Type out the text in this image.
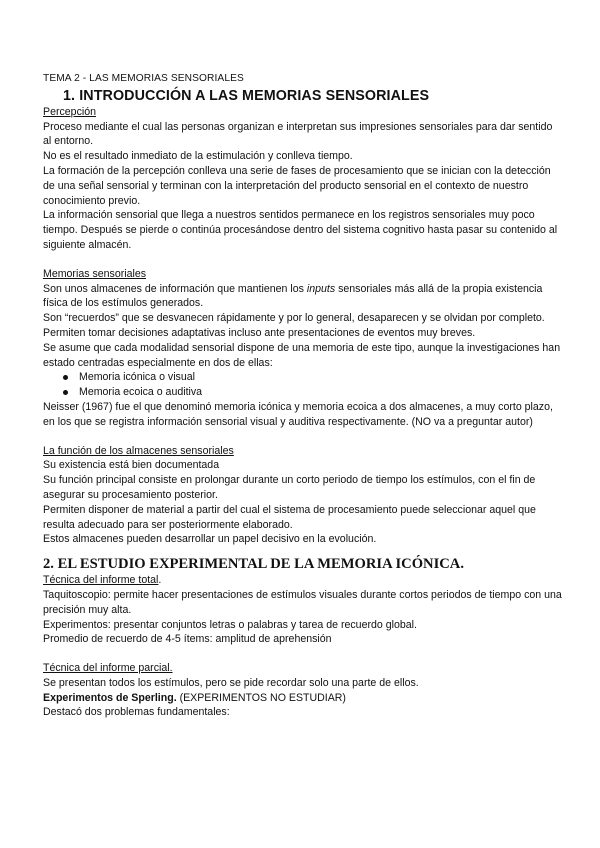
TEMA 2 - LAS MEMORIAS SENSORIALES

1. INTRODUCCIÓN A LAS MEMORIAS SENSORIALES

Percepción

Proceso mediante el cual las personas organizan e interpretan sus impresiones sensoriales para dar sentido al entorno.

No es el resultado inmediato de la estimulación y conlleva tiempo.

La formación de la percepción conlleva una serie de fases de procesamiento que se inician con la detección de una señal sensorial y terminan con la interpretación del producto sensorial en el contexto de nuestro conocimiento previo.

La información sensorial que llega a nuestros sentidos permanece en los registros sensoriales muy poco tiempo. Después se pierde o continúa procesándose dentro del sistema cognitivo hasta pasar su contenido al siguiente almacén.

Memorias sensoriales

Son unos almacenes de información que mantienen los inputs sensoriales más allá de la propia existencia física de los estímulos generados.

Son “recuerdos” que se desvanecen rápidamente y por lo general, desaparecen y se olvidan por completo.

Permiten tomar decisiones adaptativas incluso ante presentaciones de eventos muy breves.

Se asume que cada modalidad sensorial dispone de una memoria de este tipo, aunque la investigaciones han estado centradas especialmente en dos de ellas:

Memoria icónica o visual
Memoria ecoica o auditiva

Neisser (1967) fue el que denominó memoria icónica y memoria ecoica a dos almacenes, a muy corto plazo, en los que se registra información sensorial visual y auditiva respectivamente. (NO va a preguntar autor)

La función de los almacenes sensoriales

Su existencia está bien documentada

Su función principal consiste en prolongar durante un corto periodo de tiempo los estímulos, con el fin de asegurar su procesamiento posterior.

Permiten disponer de material a partir del cual el sistema de procesamiento puede seleccionar aquel que resulta adecuado para ser posteriormente elaborado.

Estos almacenes pueden desarrollar un papel decisivo en la evolución.

2. EL ESTUDIO EXPERIMENTAL DE LA MEMORIA ICÓNICA.

Técnica del informe total.

Taquitoscopio: permite hacer presentaciones de estímulos visuales durante cortos periodos de tiempo con una precisión muy alta.

Experimentos: presentar conjuntos letras o palabras y tarea de recuerdo global.

Promedio de recuerdo de 4-5 ítems: amplitud de aprehensión

Técnica del informe parcial.

Se presentan todos los estímulos, pero se pide recordar solo una parte de ellos.

Experimentos de Sperling. (EXPERIMENTOS NO ESTUDIAR)

Destacó dos problemas fundamentales:
